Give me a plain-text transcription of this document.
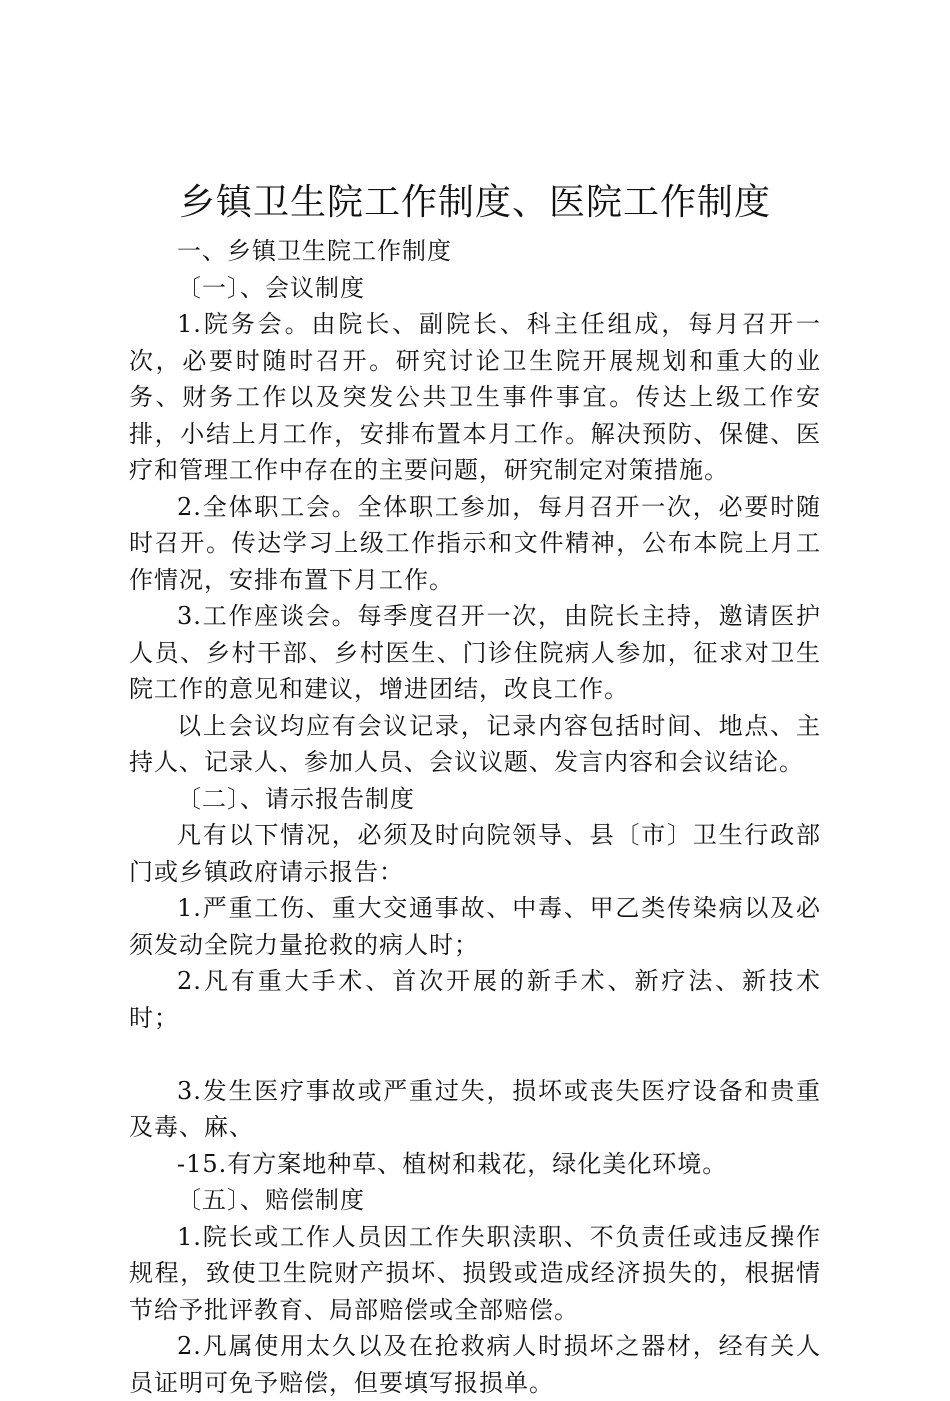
乡镇卫生院工作制度、医院工作制度

一、乡镇卫生院工作制度

〔一〕、会议制度

1.院务会。由院长、副院长、科主任组成，每月召开一次，必要时随时召开。研究讨论卫生院开展规划和重大的业务、财务工作以及突发公共卫生事件事宜。传达上级工作安排，小结上月工作，安排布置本月工作。解决预防、保健、医疗和管理工作中存在的主要问题，研究制定对策措施。

2.全体职工会。全体职工参加，每月召开一次，必要时随时召开。传达学习上级工作指示和文件精神，公布本院上月工作情况，安排布置下月工作。

3.工作座谈会。每季度召开一次，由院长主持，邀请医护人员、乡村干部、乡村医生、门诊住院病人参加，征求对卫生院工作的意见和建议，增进团结，改良工作。

以上会议均应有会议记录，记录内容包括时间、地点、主持人、记录人、参加人员、会议议题、发言内容和会议结论。

〔二〕、请示报告制度

凡有以下情况，必须及时向院领导、县〔市〕卫生行政部门或乡镇政府请示报告：

1.严重工伤、重大交通事故、中毒、甲乙类传染病以及必须发动全院力量抢救的病人时；

2.凡有重大手术、首次开展的新手术、新疗法、新技术时；

3.发生医疗事故或严重过失，损坏或丧失医疗设备和贵重及毒、麻、

-15.有方案地种草、植树和栽花，绿化美化环境。

〔五〕、赔偿制度

1.院长或工作人员因工作失职渎职、不负责任或违反操作规程，致使卫生院财产损坏、损毁或造成经济损失的，根据情节给予批评教育、局部赔偿或全部赔偿。

2.凡属使用太久以及在抢救病人时损坏之器材，经有关人员证明可免予赔偿，但要填写报损单。
